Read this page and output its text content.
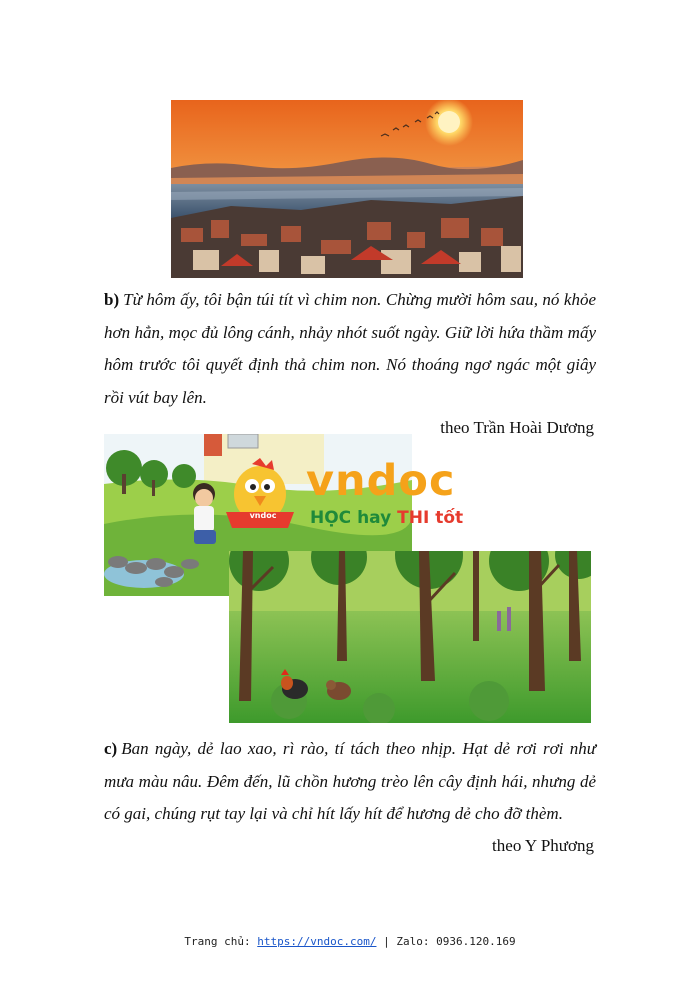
b) Từ hôm ấy, tôi bận túi tít vì chim non. Chừng mười hôm sau, nó khỏe hơn hẳn, mọc đủ lông cánh, nhảy nhót suốt ngày. Giữ lời hứa thầm mấy hôm trước tôi quyết định thả chim non. Nó thoáng ngơ ngác một giây rồi vút bay lên.
theo Trần Hoài Dương
vndoc
vndoc
HỌC hay THI tốt
c) Ban ngày, dẻ lao xao, rì rào, tí tách theo nhịp. Hạt dẻ rơi rơi như mưa màu nâu. Đêm đến, lũ chồn hương trèo lên cây định hái, nhưng dẻ có gai, chúng rụt tay lại và chỉ hít lấy hít để hương dẻ cho đỡ thèm.
theo Y Phương
Trang chủ: https://vndoc.com/ | Zalo: 0936.120.169
